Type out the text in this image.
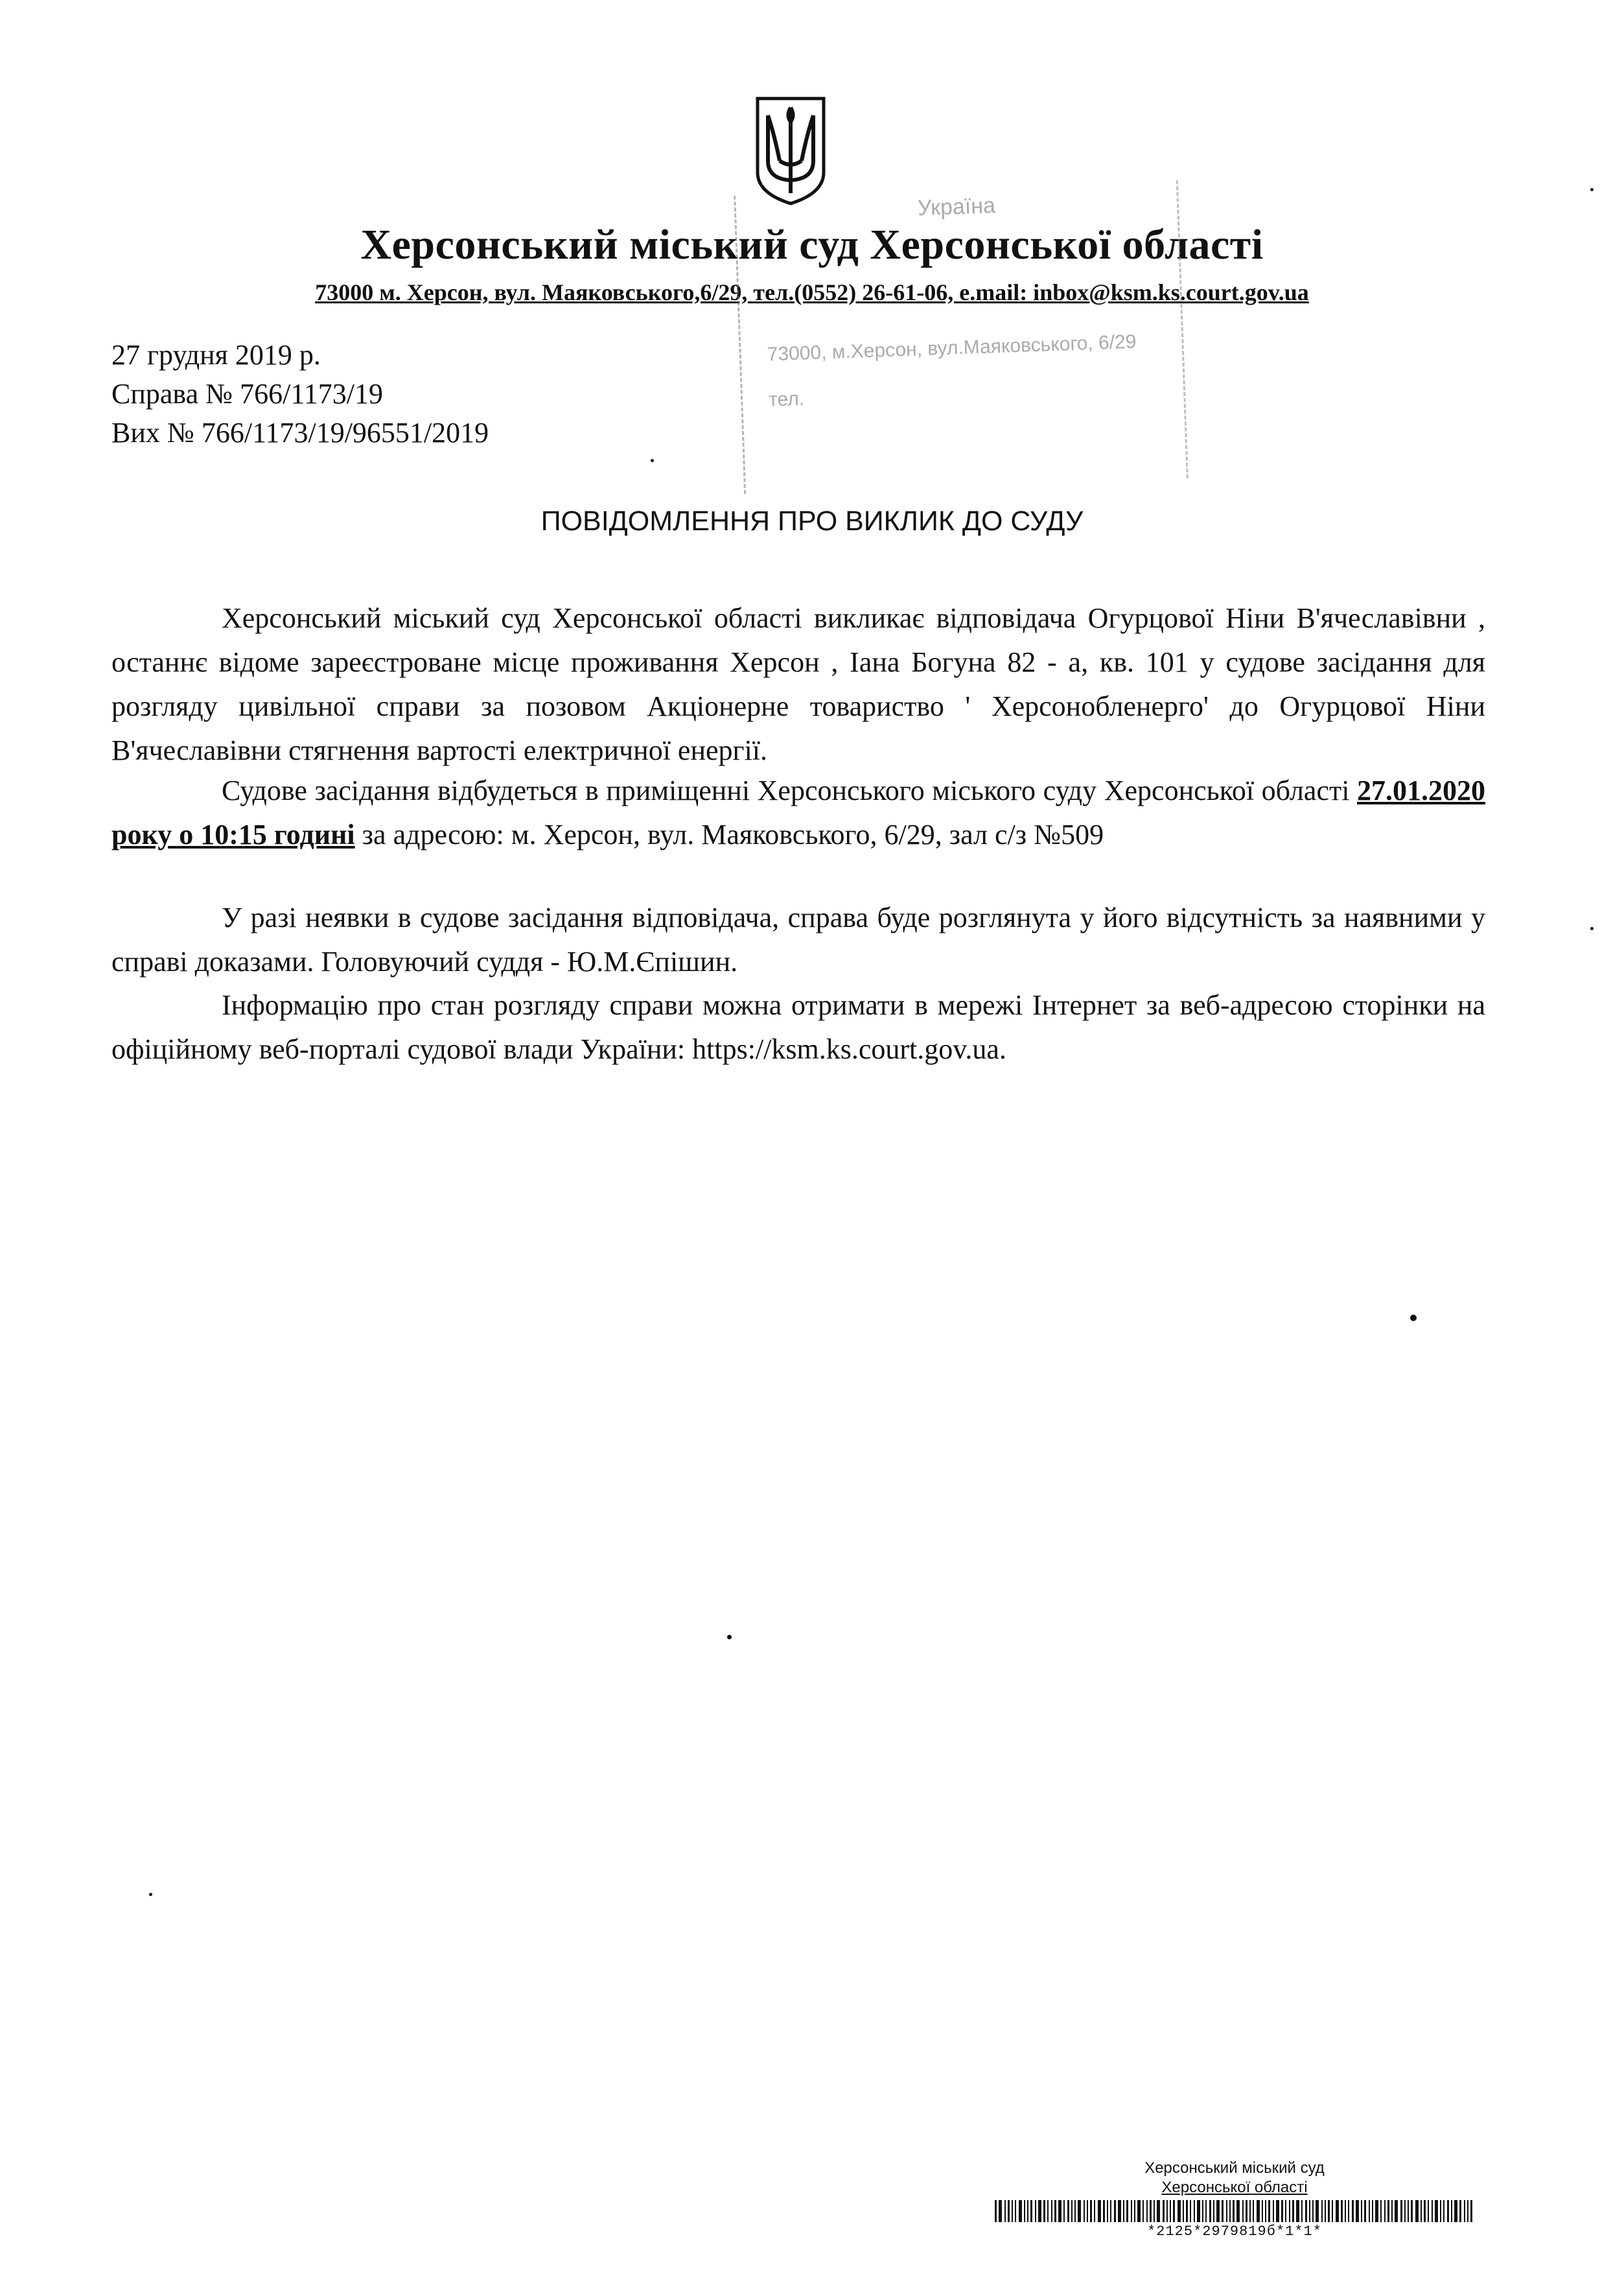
Херсонський міський суд Херсонської області
73000 м. Херсон, вул. Маяковського,6/29, тел.(0552) 26-61-06, e.mail: inbox@ksm.ks.court.gov.ua
Україна
73000, м.Херсон, вул.Маяковського, 6/29
тел.
27 грудня 2019 р.
Справа № 766/1173/19
Вих № 766/1173/19/96551/2019
ПОВІДОМЛЕННЯ ПРО ВИКЛИК ДО СУДУ
Херсонський міський суд Херсонської області викликає відповідача Огурцової Ніни В'ячеславівни , останнє відоме зареєстроване місце проживання Херсон , Іана Богуна 82 - а, кв. 101 у судове засідання для розгляду цивільної справи за позовом Акціонерне товариство ' Херсонобленерго' до Огурцової Ніни В'ячеславівни стягнення вартості електричної енергії.
Судове засідання відбудеться в приміщенні Херсонського міського суду Херсонської області 27.01.2020 року о 10:15 годині за адресою: м. Херсон, вул. Маяковського, 6/29, зал с/з №509
У разі неявки в судове засідання відповідача, справа буде розглянута у його відсутність за наявними у справі доказами. Головуючий суддя - Ю.М.Єпішин.
Інформацію про стан розгляду справи можна отримати в мережі Інтернет за веб-адресою сторінки на офіційному веб-порталі судової влади України: https://ksm.ks.court.gov.ua.
Херсонський міський суд
Херсонської області
*2125*2979819б*1*1*
